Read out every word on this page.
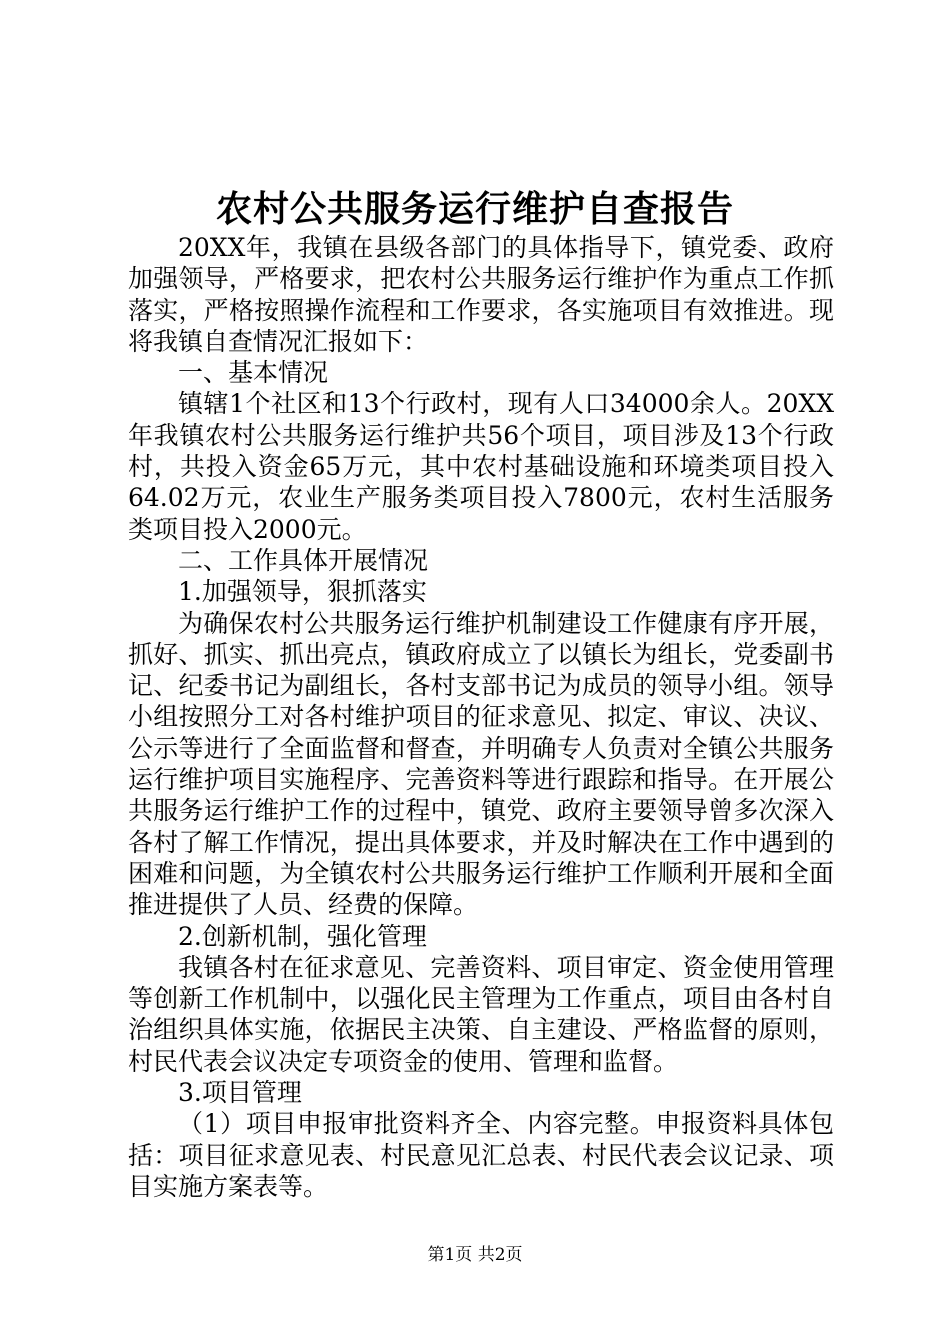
农村公共服务运行维护自查报告

20XX年，我镇在县级各部门的具体指导下，镇党委、政府加强领导，严格要求，把农村公共服务运行维护作为重点工作抓落实，严格按照操作流程和工作要求，各实施项目有效推进。现将我镇自查情况汇报如下：

一、基本情况

镇辖1个社区和13个行政村，现有人口34000余人。20XX年我镇农村公共服务运行维护共56个项目，项目涉及13个行政村，共投入资金65万元，其中农村基础设施和环境类项目投入64.02万元，农业生产服务类项目投入7800元，农村生活服务类项目投入2000元。

二、工作具体开展情况

1.加强领导，狠抓落实

为确保农村公共服务运行维护机制建设工作健康有序开展，抓好、抓实、抓出亮点，镇政府成立了以镇长为组长，党委副书记、纪委书记为副组长，各村支部书记为成员的领导小组。领导小组按照分工对各村维护项目的征求意见、拟定、审议、决议、公示等进行了全面监督和督查，并明确专人负责对全镇公共服务运行维护项目实施程序、完善资料等进行跟踪和指导。在开展公共服务运行维护工作的过程中，镇党、政府主要领导曾多次深入各村了解工作情况，提出具体要求，并及时解决在工作中遇到的困难和问题，为全镇农村公共服务运行维护工作顺利开展和全面推进提供了人员、经费的保障。

2.创新机制，强化管理

我镇各村在征求意见、完善资料、项目审定、资金使用管理等创新工作机制中，以强化民主管理为工作重点，项目由各村自治组织具体实施，依据民主决策、自主建设、严格监督的原则，村民代表会议决定专项资金的使用、管理和监督。

3.项目管理

（1）项目申报审批资料齐全、内容完整。申报资料具体包括：项目征求意见表、村民意见汇总表、村民代表会议记录、项目实施方案表等。

第1页 共2页
